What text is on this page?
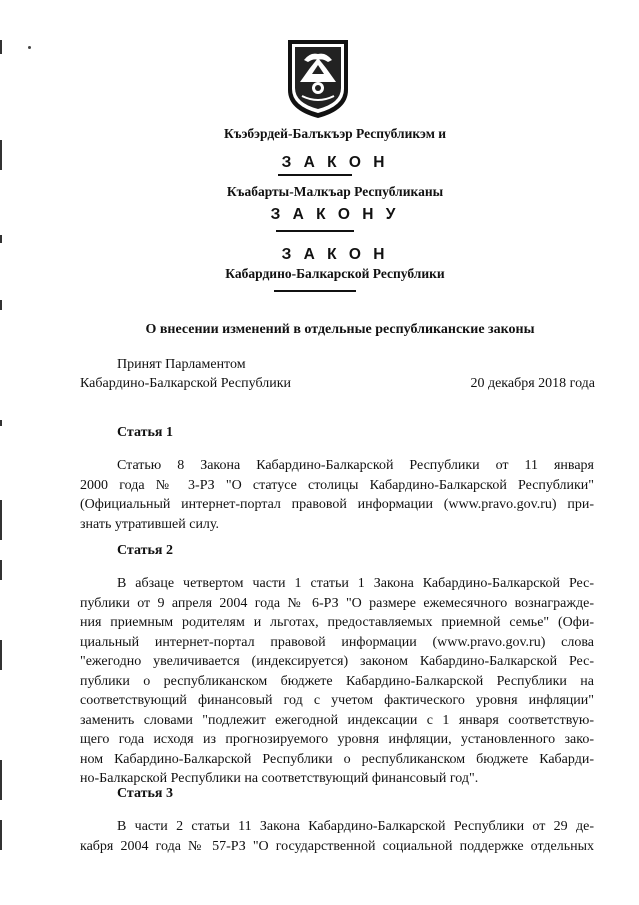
Къэбэрдей-Балъкъэр Республикэм и
З А К О Н
Къабарты-Малкъар Республиканы
З А К О Н У
З А К О Н
Кабардино-Балкарской Республики
О внесении изменений в отдельные республиканские законы
Принят Парламентом
Кабардино-Балкарской Республики	20 декабря 2018 года
Статья 1
Статью 8 Закона Кабардино-Балкарской Республики от 11 января
2000 года № 3-РЗ "О статусе столицы Кабардино-Балкарской Республики"
(Официальный интернет-портал правовой информации (www.pravo.gov.ru) при-
знать утратившей силу.
Статья 2
В абзаце четвертом части 1 статьи 1 Закона Кабардино-Балкарской Рес-
публики от 9 апреля 2004 года № 6-РЗ "О размере ежемесячного вознагражде-
ния приемным родителям и льготах, предоставляемых приемной семье" (Офи-
циальный интернет-портал правовой информации (www.pravo.gov.ru) слова
"ежегодно увеличивается (индексируется) законом Кабардино-Балкарской Рес-
публики о республиканском бюджете Кабардино-Балкарской Республики на
соответствующий финансовый год с учетом фактического уровня инфляции"
заменить словами "подлежит ежегодной индексации с 1 января соответствую-
щего года исходя из прогнозируемого уровня инфляции, установленного зако-
ном Кабардино-Балкарской Республики о республиканском бюджете Кабарди-
но-Балкарской Республики на соответствующий финансовый год".
Статья 3
В части 2 статьи 11 Закона Кабардино-Балкарской Республики от 29 де-
кабря 2004 года № 57-РЗ "О государственной социальной поддержке отдельных
